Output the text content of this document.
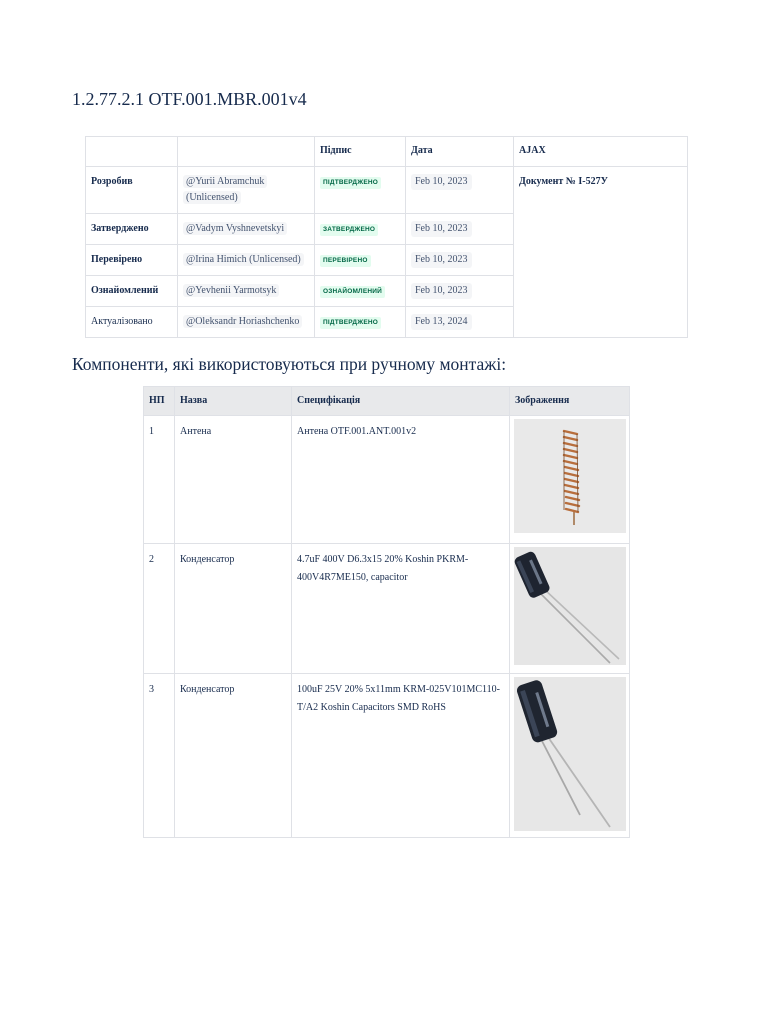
1.2.77.2.1 OTF.001.MBR.001v4
		Підпис	Дата	AJAX
Розробив	@Yurii Abramchuk (Unlicensed)	ПІДТВЕРДЖЕНО	Feb 10, 2023	Документ № I-527У
Затверджено	@Vadym Vyshnevetskyi	ЗАТВЕРДЖЕНО	Feb 10, 2023	
Перевірено	@Irina Himich (Unlicensed)	ПЕРЕВІРЕНО	Feb 10, 2023	
Ознайомлений	@Yevhenii Yarmotsyk	ОЗНАЙОМЛЕНИЙ	Feb 10, 2023	
Актуалізовано	@Oleksandr Horiashchenko	ПІДТВЕРДЖЕНО	Feb 13, 2024	
Компоненти, які використовуються при ручному монтажі:
НП	Назва	Специфікація	Зображення
1	Антена	Антена OTF.001.ANT.001v2	

2	Конденсатор	4.7uF 400V D6.3x15 20% Koshin PKRM-400V4R7ME150, capacitor	

3	Конденсатор	100uF 25V 20% 5x11mm KRM-025V101MC110-T/A2 Koshin Capacitors SMD RoHS	
